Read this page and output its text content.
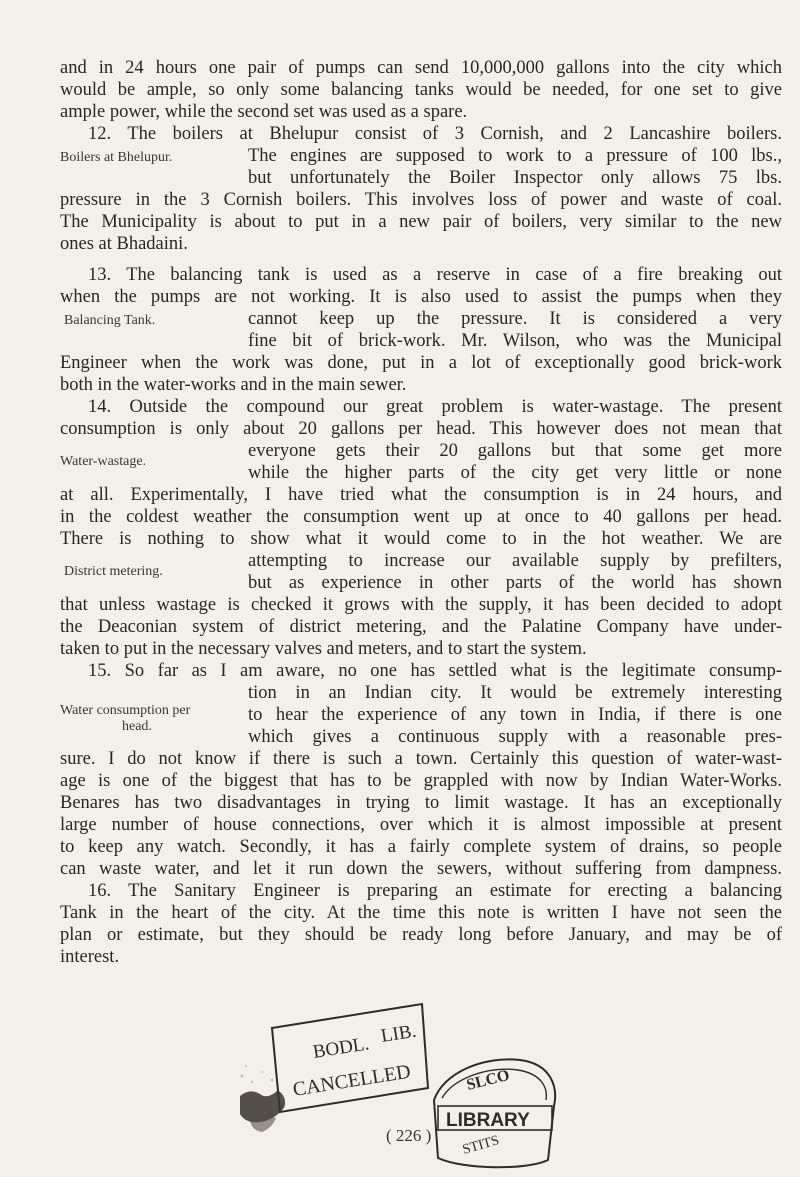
and in 24 hours one pair of pumps can send 10,000,000 gallons into the city which
would be ample, so only some balancing tanks would be needed, for one set to give
ample power, while the second set was used as a spare.
12. The boilers at Bhelupur consist of 3 Cornish, and 2 Lancashire boilers.
The engines are supposed to work to a pressure of 100 lbs.,
but unfortunately the Boiler Inspector only allows 75 lbs.
pressure in the 3 Cornish boilers. This involves loss of power and waste of coal.
The Municipality is about to put in a new pair of boilers, very similar to the new
ones at Bhadaini.
13. The balancing tank is used as a reserve in case of a fire breaking out
when the pumps are not working. It is also used to assist the pumps when they
cannot keep up the pressure. It is considered a very
fine bit of brick-work. Mr. Wilson, who was the Municipal
Engineer when the work was done, put in a lot of exceptionally good brick-work
both in the water-works and in the main sewer.
14. Outside the compound our great problem is water-wastage. The present
consumption is only about 20 gallons per head. This however does not mean that
everyone gets their 20 gallons but that some get more
while the higher parts of the city get very little or none
at all. Experimentally, I have tried what the consumption is in 24 hours, and
in the coldest weather the consumption went up at once to 40 gallons per head.
There is nothing to show what it would come to in the hot weather. We are
attempting to increase our available supply by prefilters,
but as experience in other parts of the world has shown
that unless wastage is checked it grows with the supply, it has been decided to adopt
the Deaconian system of district metering, and the Palatine Company have under-
taken to put in the necessary valves and meters, and to start the system.
15. So far as I am aware, no one has settled what is the legitimate consump-
tion in an Indian city. It would be extremely interesting
to hear the experience of any town in India, if there is one
which gives a continuous supply with a reasonable pres-
sure. I do not know if there is such a town. Certainly this question of water-wast-
age is one of the biggest that has to be grappled with now by Indian Water-Works.
Benares has two disadvantages in trying to limit wastage. It has an exceptionally
large number of house connections, over which it is almost impossible at present
to keep any watch. Secondly, it has a fairly complete system of drains, so people
can waste water, and let it run down the sewers, without suffering from dampness.
16. The Sanitary Engineer is preparing an estimate for erecting a balancing
Tank in the heart of the city. At the time this note is written I have not seen the
plan or estimate, but they should be ready long before January, and may be of
interest.
Boilers at Bhelupur.
Balancing Tank.
Water-wastage.
District metering.
Water consumption per
head.
( 226 )
BODL. LIB.
CANCELLED	SLCO
LIBRARY
STITS
